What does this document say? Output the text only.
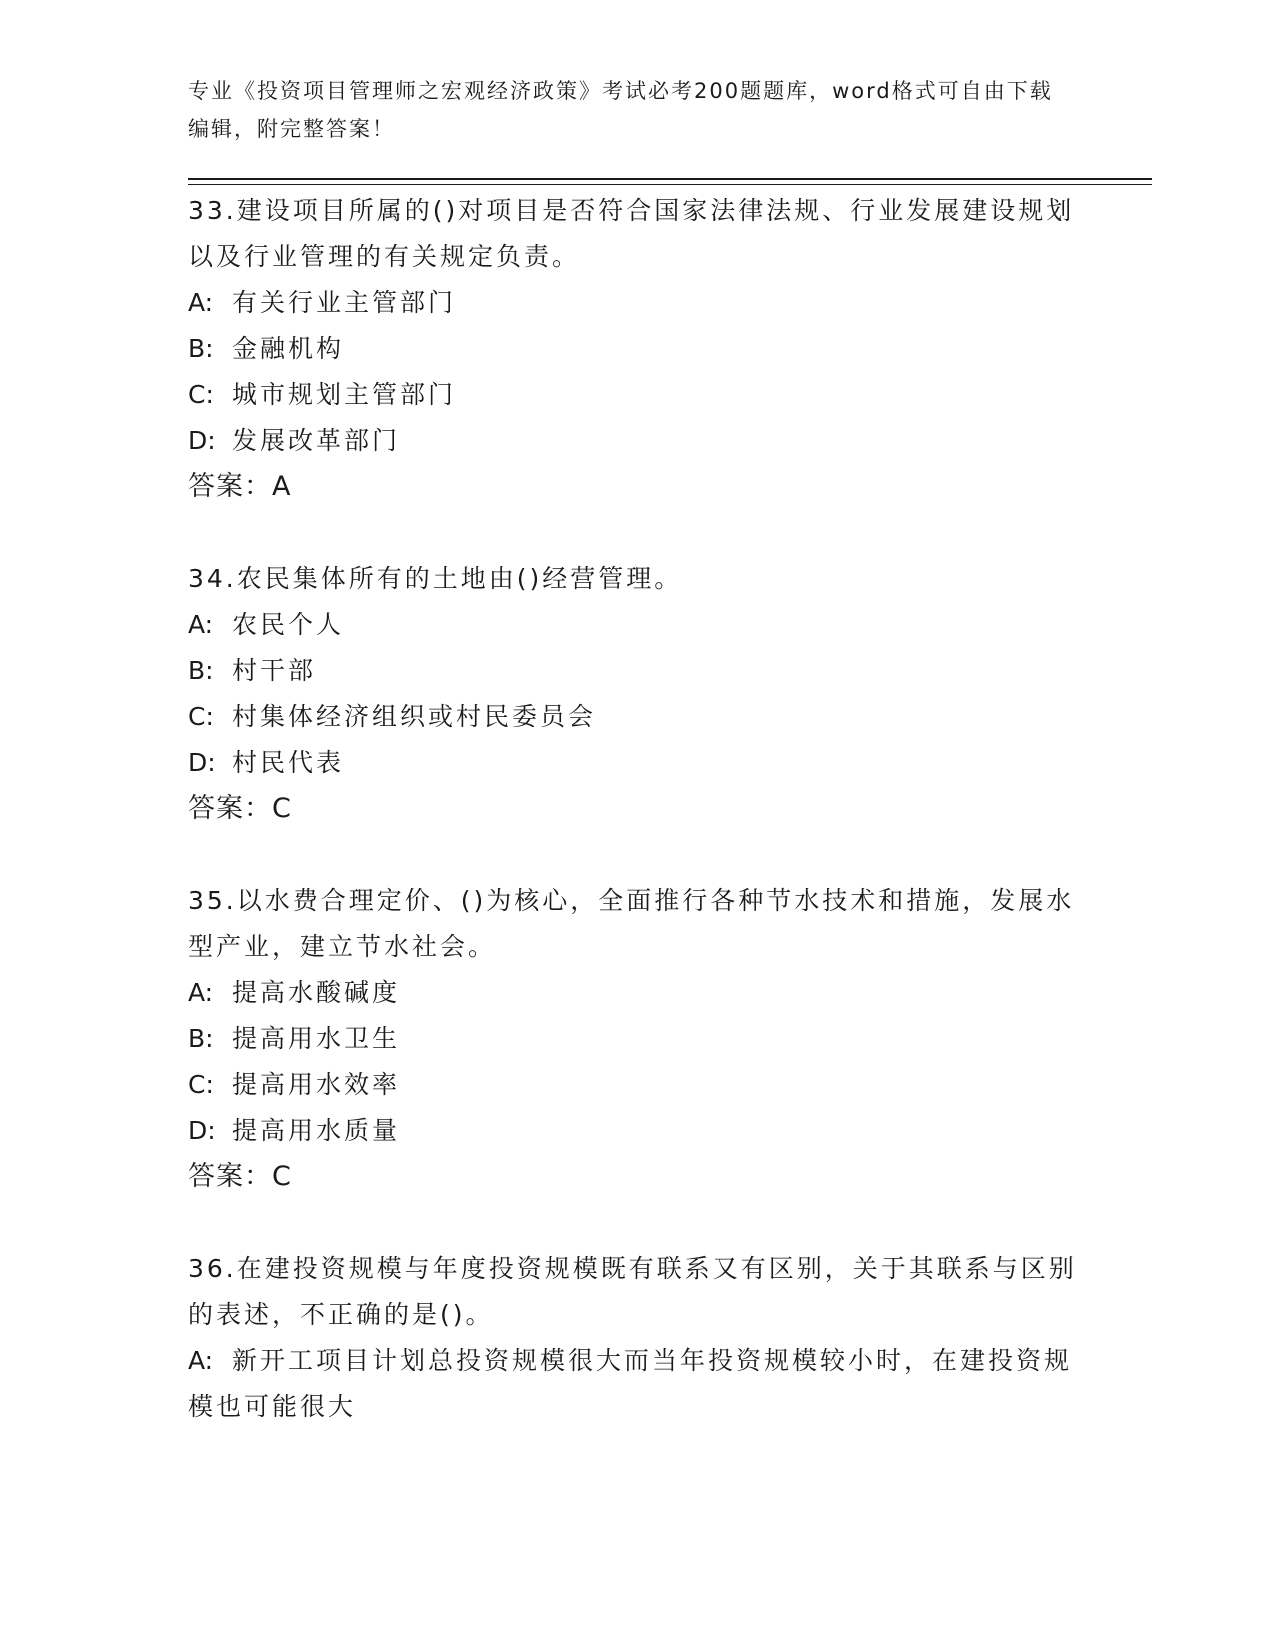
专业《投资项目管理师之宏观经济政策》考试必考200题题库，word格式可自由下载编辑，附完整答案！
33.建设项目所属的()对项目是否符合国家法律法规、行业发展建设规划以及行业管理的有关规定负责。
A: 有关行业主管部门
B: 金融机构
C: 城市规划主管部门
D: 发展改革部门
答案：A
34.农民集体所有的土地由()经营管理。
A: 农民个人
B: 村干部
C: 村集体经济组织或村民委员会
D: 村民代表
答案：C
35.以水费合理定价、()为核心，全面推行各种节水技术和措施，发展水型产业，建立节水社会。
A: 提高水酸碱度
B: 提高用水卫生
C: 提高用水效率
D: 提高用水质量
答案：C
36.在建投资规模与年度投资规模既有联系又有区别，关于其联系与区别的表述，不正确的是()。
A: 新开工项目计划总投资规模很大而当年投资规模较小时，在建投资规模也可能很大
